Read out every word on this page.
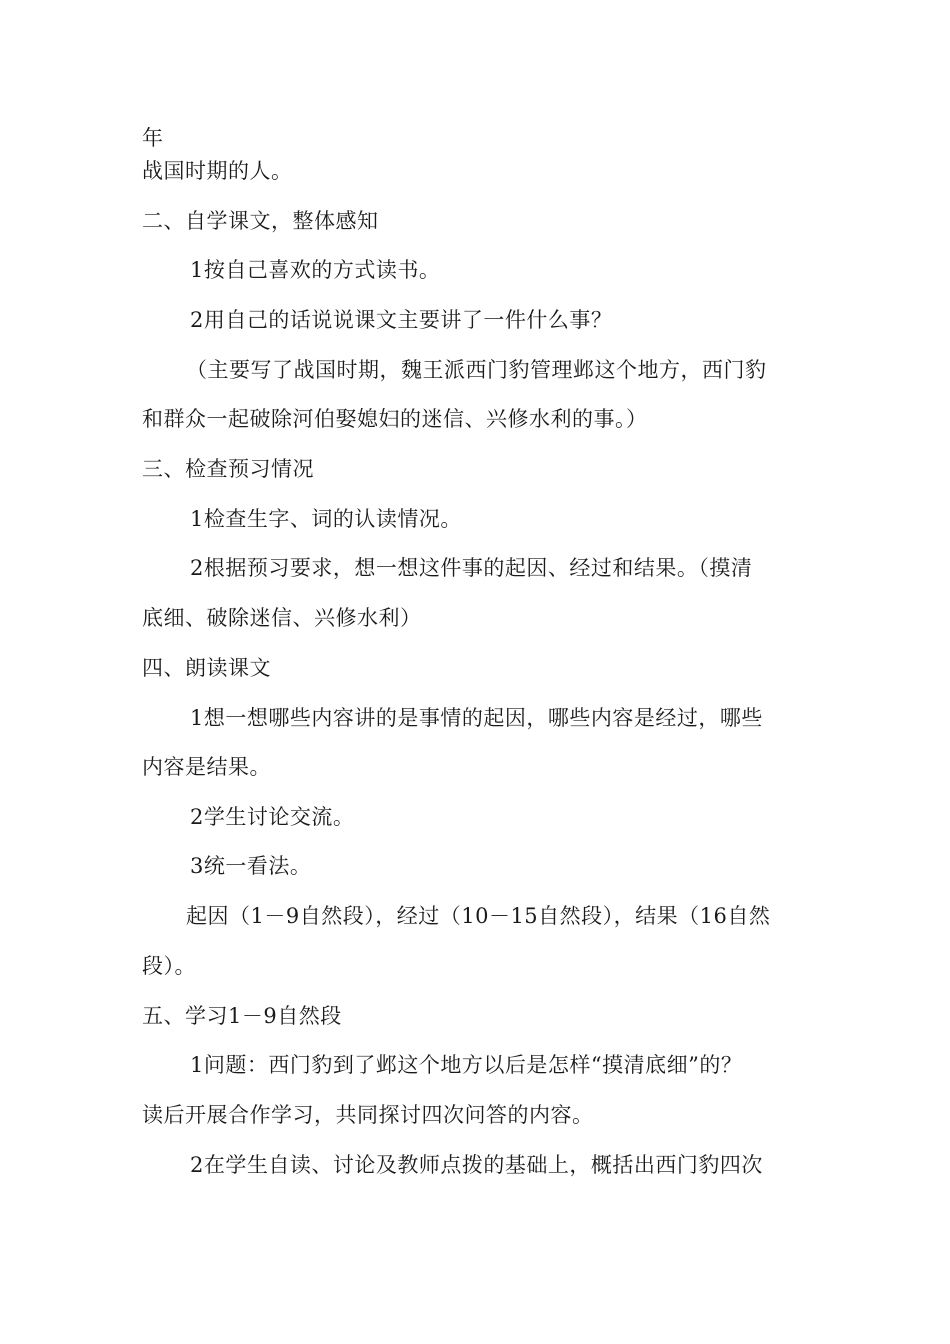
年
战国时期的人。
二、自学课文，整体感知
1按自己喜欢的方式读书。
2用自己的话说说课文主要讲了一件什么事？
（主要写了战国时期，魏王派西门豹管理邺这个地方，西门豹
和群众一起破除河伯娶媳妇的迷信、兴修水利的事。）
三、检查预习情况
1检查生字、词的认读情况。
2根据预习要求，想一想这件事的起因、经过和结果。（摸清
底细、破除迷信、兴修水利）
四、朗读课文
1想一想哪些内容讲的是事情的起因，哪些内容是经过，哪些
内容是结果。
2学生讨论交流。
3统一看法。
起因（1－9自然段），经过（10－15自然段），结果（16自然
段）。
五、学习1－9自然段
1问题：西门豹到了邺这个地方以后是怎样“摸清底细”的？
读后开展合作学习，共同探讨四次问答的内容。
2在学生自读、讨论及教师点拨的基础上，概括出西门豹四次
